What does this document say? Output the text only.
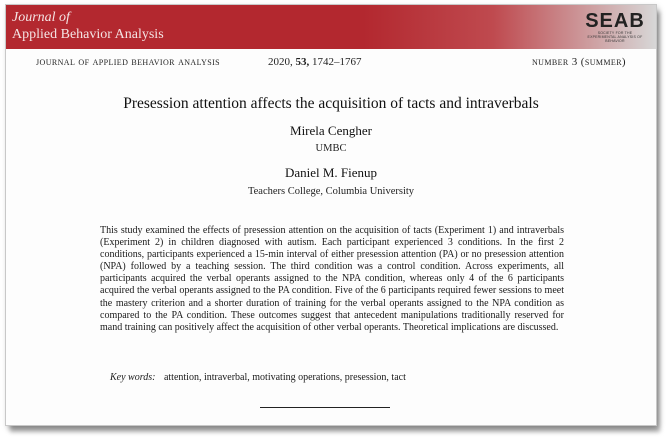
Journal of
Applied Behavior Analysis
SEAB
SOCIETY FOR THE EXPERIMENTAL ANALYSIS OF BEHAVIOR
journal of applied behavior analysis	2020, 53, 1742–1767	number 3 (summer)
Presession attention affects the acquisition of tacts and intraverbals
Mirela Cengher
UMBC
Daniel M. Fienup
Teachers College, Columbia University
This study examined the effects of presession attention on the acquisition of tacts (Experiment 1) and intraverbals (Experiment 2) in children diagnosed with autism. Each participant experienced 3 conditions. In the first 2 conditions, participants experienced a 15-min interval of either presession attention (PA) or no presession attention (NPA) followed by a teaching session. The third condition was a control condition. Across experiments, all participants acquired the verbal operants assigned to the NPA condition, whereas only 4 of the 6 participants acquired the verbal operants assigned to the PA condition. Five of the 6 participants required fewer sessions to meet the mastery criterion and a shorter duration of training for the verbal operants assigned to the NPA condition as compared to the PA condition. These outcomes suggest that antecedent manipulations traditionally reserved for mand training can positively affect the acquisition of other verbal operants. Theoretical implications are discussed.
Key words: attention, intraverbal, motivating operations, presession, tact
